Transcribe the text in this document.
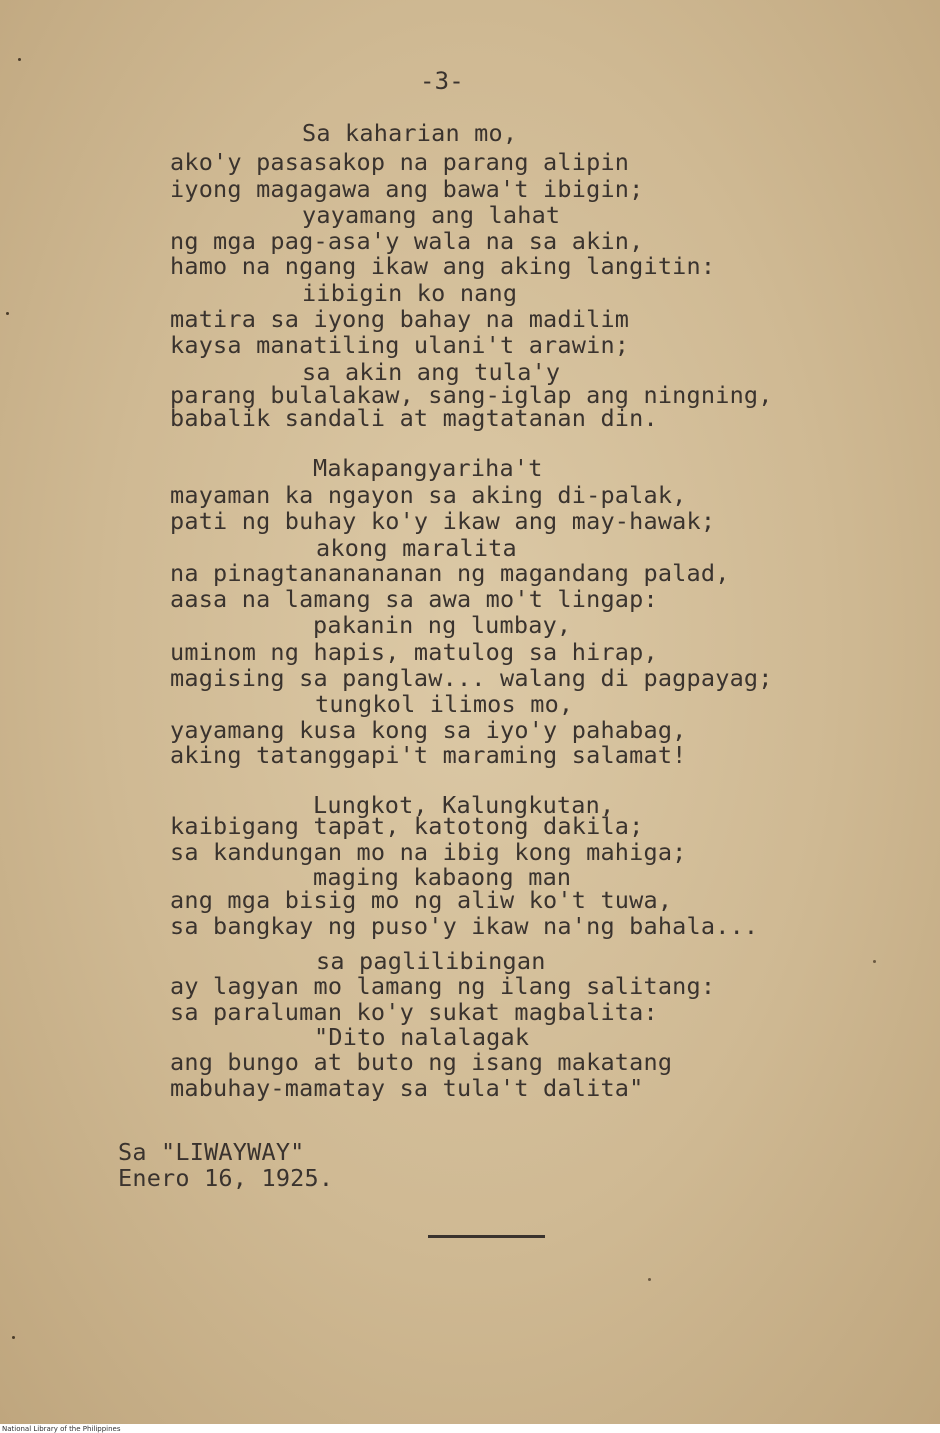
-3-
Sa kaharian mo,
ako'y pasasakop na parang alipin
iyong magagawa ang bawa't ibigin;
yayamang ang lahat
ng mga pag-asa'y wala na sa akin,
hamo na ngang ikaw ang aking langitin:
iibigin ko nang
matira sa iyong bahay na madilim
kaysa manatiling ulani't arawin;
sa akin ang tula'y
parang bulalakaw, sang-iglap ang ningning,
babalik sandali at magtatanan din.
Makapangyariha't
mayaman ka ngayon sa aking di-palak,
pati ng buhay ko'y ikaw ang may-hawak;
akong maralita
na pinagtananananan ng magandang palad,
aasa na lamang sa awa mo't lingap:
pakanin ng lumbay,
uminom ng hapis, matulog sa hirap,
magising sa panglaw... walang di pagpayag;
tungkol ilimos mo,
yayamang kusa kong sa iyo'y pahabag,
aking tatanggapi't maraming salamat!
Lungkot, Kalungkutan,
kaibigang tapat, katotong dakila;
sa kandungan mo na ibig kong mahiga;
maging kabaong man
ang mga bisig mo ng aliw ko't tuwa,
sa bangkay ng puso'y ikaw na'ng bahala...
sa paglilibingan
ay lagyan mo lamang ng ilang salitang:
sa paraluman ko'y sukat magbalita:
"Dito nalalagak
ang bungo at buto ng isang makatang
mabuhay-mamatay sa tula't dalita"
Sa "LIWAYWAY"
Enero 16, 1925.
National Library of the Philippines
